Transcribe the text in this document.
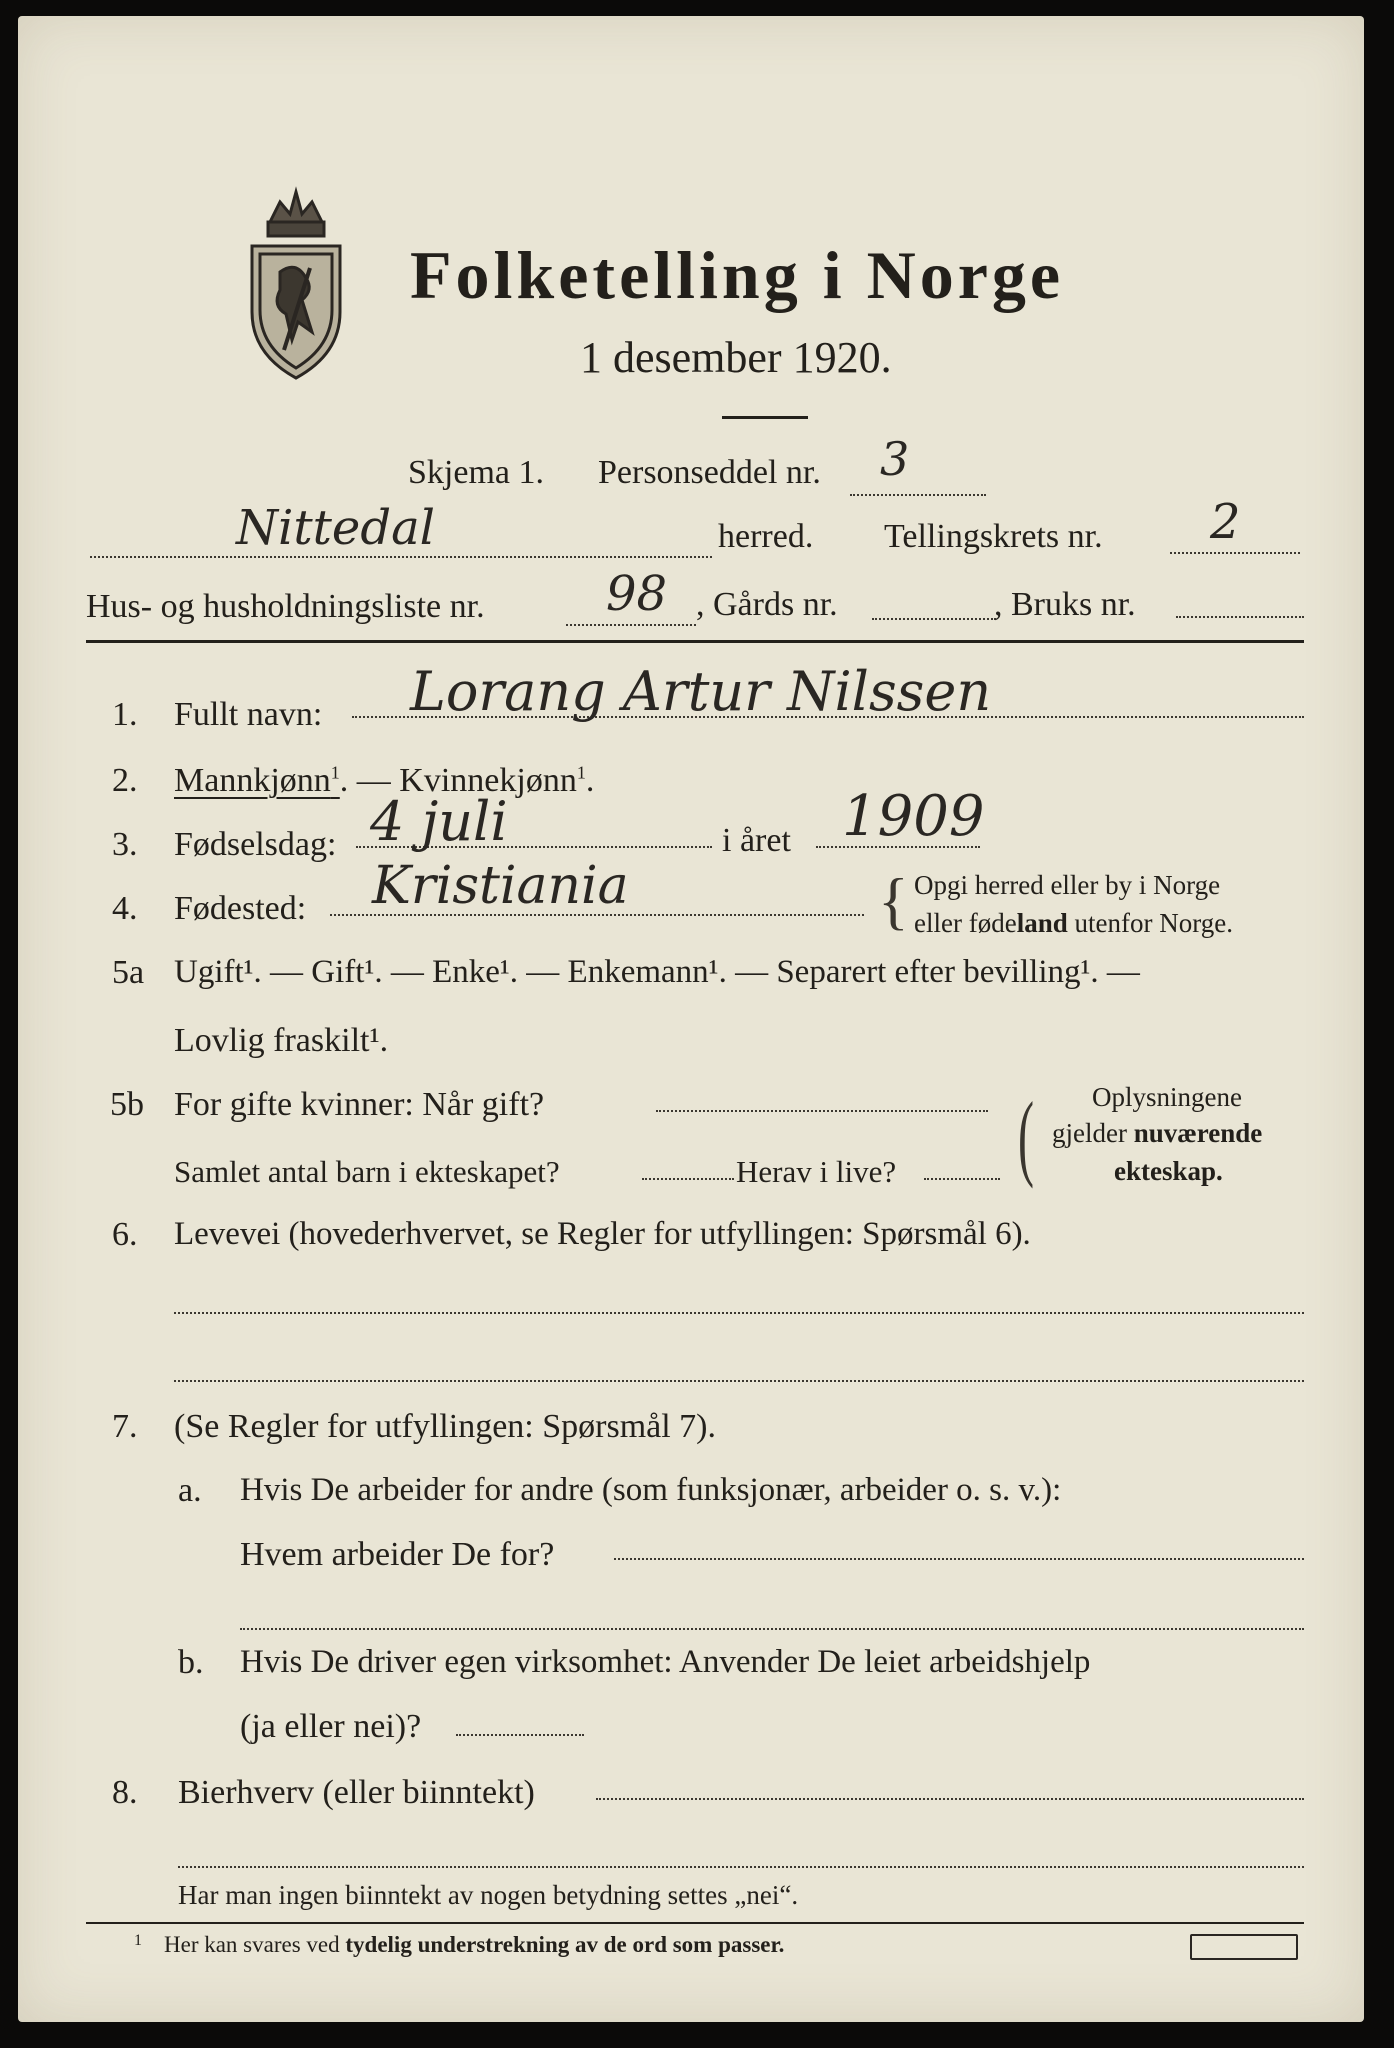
Folketelling i Norge
1 desember 1920.
Skjema 1. Personseddel nr. 3
Nittedal	herred. Tellingskrets nr. 2
Hus- og husholdningsliste nr.	98 , Gårds nr.	, Bruks nr.
1. Fullt navn: Lorang Artur Nilssen
2. Mannkjønn$^1$. — Kvinnekjønn$^1$.
3. Fødselsdag: 4 juli	i året 1909
4. Fødested: Kristiania	{ Opgi herred eller by i Norge
eller fødeland utenfor Norge.
5a Ugift¹. — Gift¹. — Enke¹. — Enkemann¹. — Separert efter bevilling¹. —
Lovlig fraskilt¹.
5b For gifte kvinner: Når gift?
Samlet antal barn i ekteskapet?	Herav i live? ( Oplysningene
gjelder nuværende
ekteskap.
6. Levevei (hovederhvervet, se Regler for utfyllingen: Spørsmål 6).
7. (Se Regler for utfyllingen: Spørsmål 7).
a. Hvis De arbeider for andre (som funksjonær, arbeider o. s. v.):
Hvem arbeider De for?
b. Hvis De driver egen virksomhet: Anvender De leiet arbeidshjelp
(ja eller nei)?
8. Bierhverv (eller biinntekt)
Har man ingen biinntekt av nogen betydning settes „nei“.
1 Her kan svares ved tydelig understrekning av de ord som passer.
